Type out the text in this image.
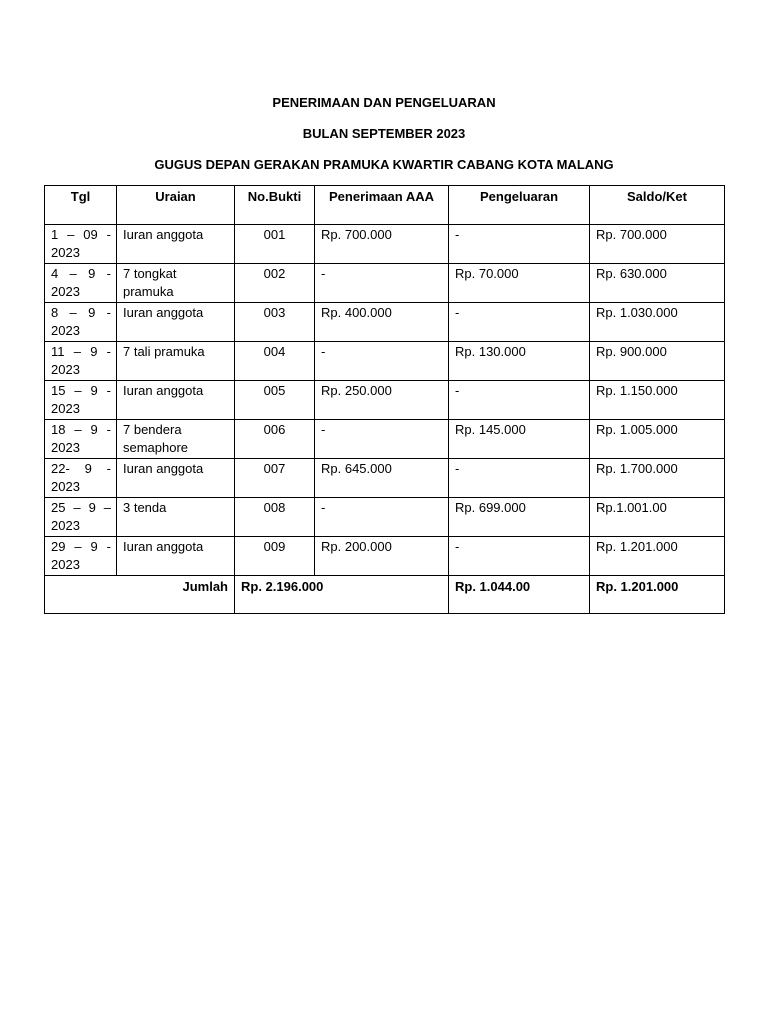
PENERIMAAN DAN PENGELUARAN
BULAN SEPTEMBER 2023
GUGUS DEPAN GERAKAN PRAMUKA KWARTIR CABANG KOTA MALANG
Tgl	Uraian	No.Bukti	Penerimaan AAA	Pengeluaran	Saldo/Ket
1 – 09 - 2023	Iuran anggota	001	Rp. 700.000	-	Rp. 700.000
4 – 9 - 2023	7 tongkat pramuka	002	-	Rp. 70.000	Rp. 630.000
8 – 9 - 2023	Iuran anggota	003	Rp. 400.000	-	Rp. 1.030.000
11 – 9 - 2023	7 tali pramuka	004	-	Rp. 130.000	Rp. 900.000
15 – 9 - 2023	Iuran anggota	005	Rp. 250.000	-	Rp. 1.150.000
18 – 9 - 2023	7 bendera semaphore	006	-	Rp. 145.000	Rp. 1.005.000
22- 9 - 2023	Iuran anggota	007	Rp. 645.000	-	Rp. 1.700.000
25 – 9 – 2023	3 tenda	008	-	Rp. 699.000	Rp.1.001.00
29 – 9 - 2023	Iuran anggota	009	Rp. 200.000	-	Rp. 1.201.000
Jumlah		Rp. 2.196.000		Rp. 1.044.00	Rp. 1.201.000
